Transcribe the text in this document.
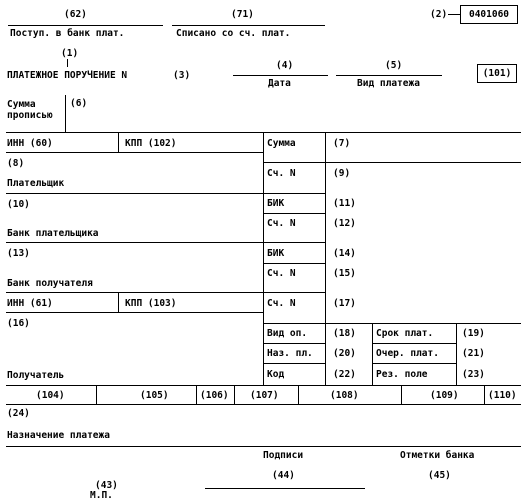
(62)	(71)	(2)	0401060
Поступ. в банк плат.	Списано со сч. плат.
(1)
ПЛАТЕЖНОЕ ПОРУЧЕНИЕ N	(3)
(4)	(5)
Дата	Вид платежа
(101)
Сумма
прописью
(6)
ИНН (60)	КПП (102)	Сумма	(7)
(8)
Сч. N	(9)
Плательщик
(10)	БИК	(11)
Сч. N	(12)
Банк плательщика
(13)	БИК	(14)
Сч. N	(15)
Банк получателя
ИНН (61)	КПП (103)	Сч. N	(17)
(16)
Вид оп.	(18) Срок плат.	(19)
Наз. пл. (20) Очер. плат. (21)
Код	(22) Рез. поле	(23)
Получатель
(104)	(105)	(106) (107)	(108)	(109)	(110)
(24)
Назначение платежа
Подписи	Отметки банка
(44)	(45)
(43)
М.П.
